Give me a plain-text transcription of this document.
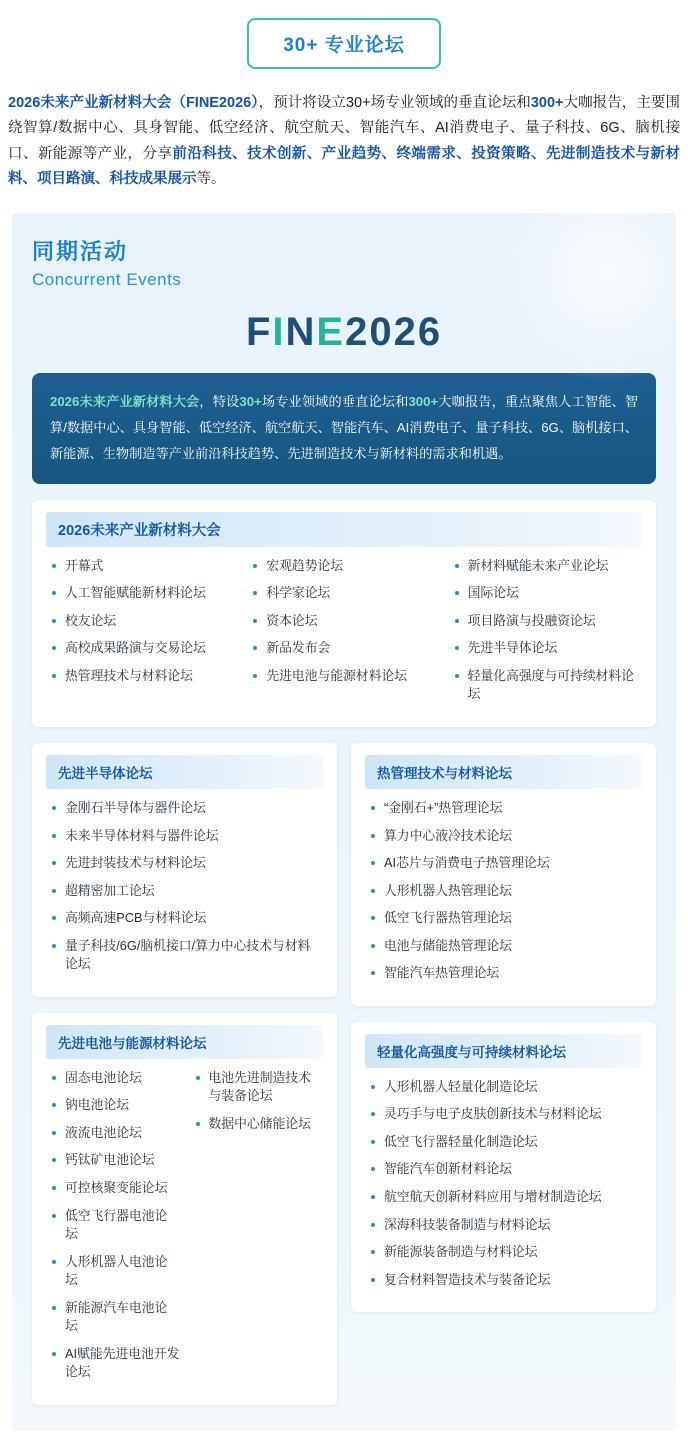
30+ 专业论坛

2026未来产业新材料大会（FINE2026），预计将设立30+场专业领域的垂直论坛和300+大咖报告，主要围绕智算/数据中心、具身智能、低空经济、航空航天、智能汽车、AI消费电子、量子科技、6G、脑机接口、新能源等产业，分享前沿科技、技术创新、产业趋势、终端需求、投资策略、先进制造技术与新材料、项目路演、科技成果展示等。

同期活动
Concurrent Events
FINE2026
2026未来产业新材料大会，特设30+场专业领域的垂直论坛和300+大咖报告，重点聚焦人工智能、智算/数据中心、具身智能、低空经济、航空航天、智能汽车、AI消费电子、量子科技、6G、脑机接口、新能源、生物制造等产业前沿科技趋势、先进制造技术与新材料的需求和机遇。
2026未来产业新材料大会
开幕式
人工智能赋能新材料论坛
校友论坛
高校成果路演与交易论坛
热管理技术与材料论坛
宏观趋势论坛
科学家论坛
资本论坛
新品发布会
先进电池与能源材料论坛
新材料赋能未来产业论坛
国际论坛
项目路演与投融资论坛
先进半导体论坛
轻量化高强度与可持续材料论坛
先进半导体论坛
金刚石半导体与器件论坛
未来半导体材料与器件论坛
先进封装技术与材料论坛
超精密加工论坛
高频高速PCB与材料论坛
量子科技/6G/脑机接口/算力中心技术与材料论坛
先进电池与能源材料论坛
固态电池论坛
钠电池论坛
液流电池论坛
钙钛矿电池论坛
可控核聚变能论坛
低空飞行器电池论坛
人形机器人电池论坛
新能源汽车电池论坛
AI赋能先进电池开发论坛
电池先进制造技术与装备论坛
数据中心储能论坛
热管理技术与材料论坛
“金刚石+”热管理论坛
算力中心液冷技术论坛
AI芯片与消费电子热管理论坛
人形机器人热管理论坛
低空飞行器热管理论坛
电池与储能热管理论坛
智能汽车热管理论坛
轻量化高强度与可持续材料论坛
人形机器人轻量化制造论坛
灵巧手与电子皮肤创新技术与材料论坛
低空飞行器轻量化制造论坛
智能汽车创新材料论坛
航空航天创新材料应用与增材制造论坛
深海科技装备制造与材料论坛
新能源装备制造与材料论坛
复合材料智造技术与装备论坛
